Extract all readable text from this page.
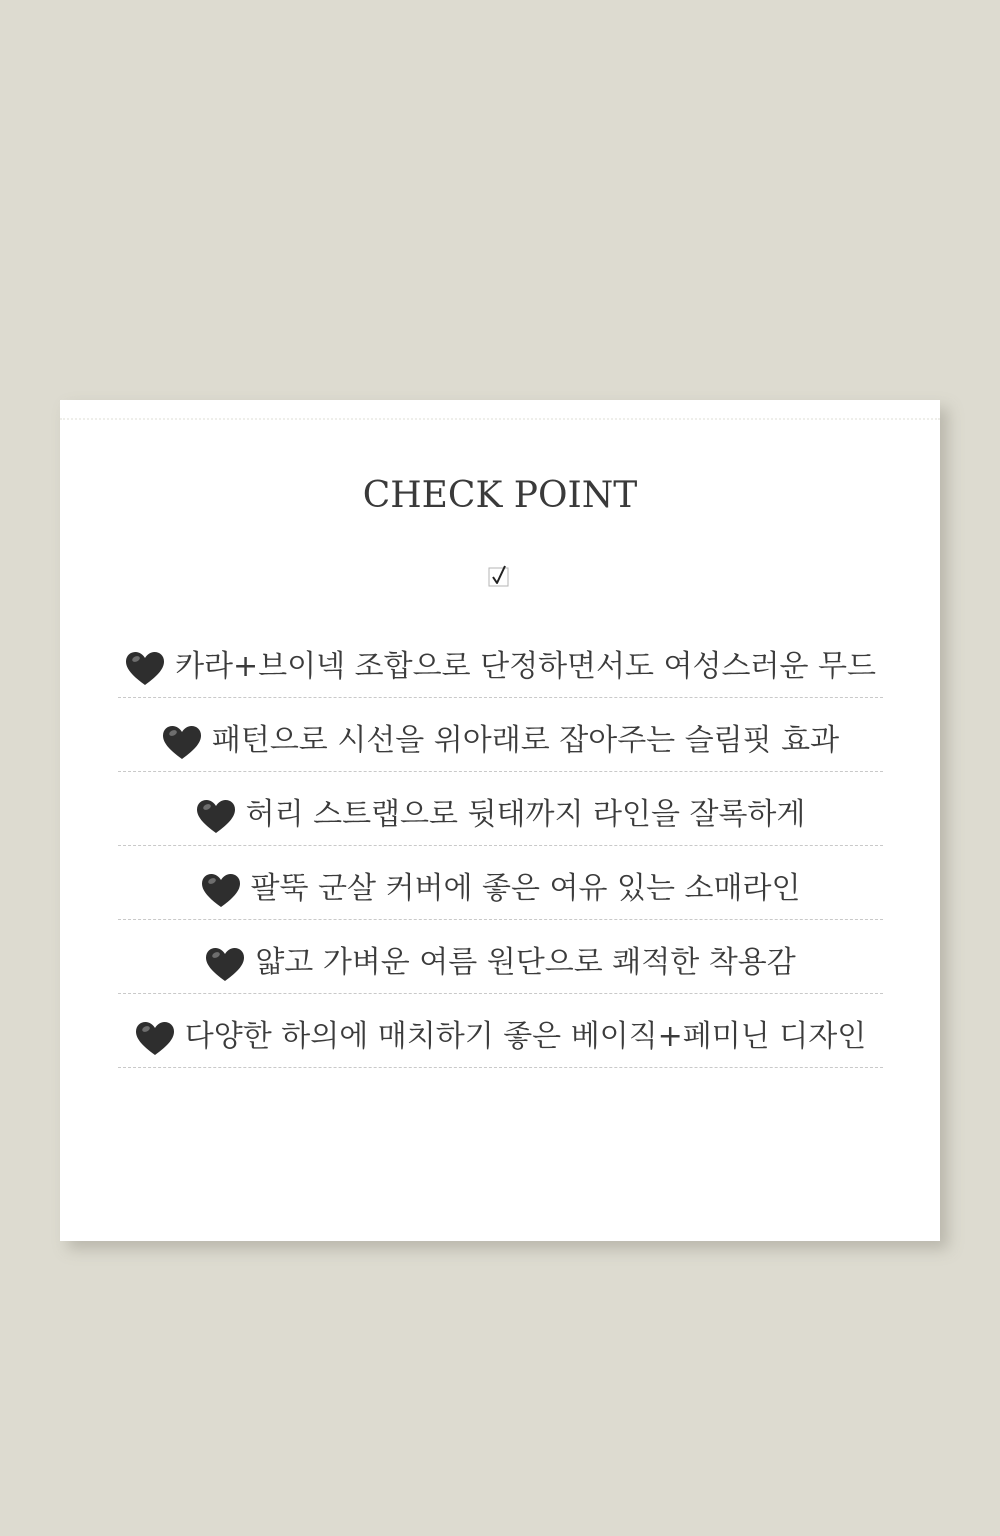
CHECK POINT
카라+브이넥 조합으로 단정하면서도 여성스러운 무드
패턴으로 시선을 위아래로 잡아주는 슬림핏 효과
허리 스트랩으로 뒷태까지 라인을 잘록하게
팔뚝 군살 커버에 좋은 여유 있는 소매라인
얇고 가벼운 여름 원단으로 쾌적한 착용감
다양한 하의에 매치하기 좋은 베이직+페미닌 디자인
